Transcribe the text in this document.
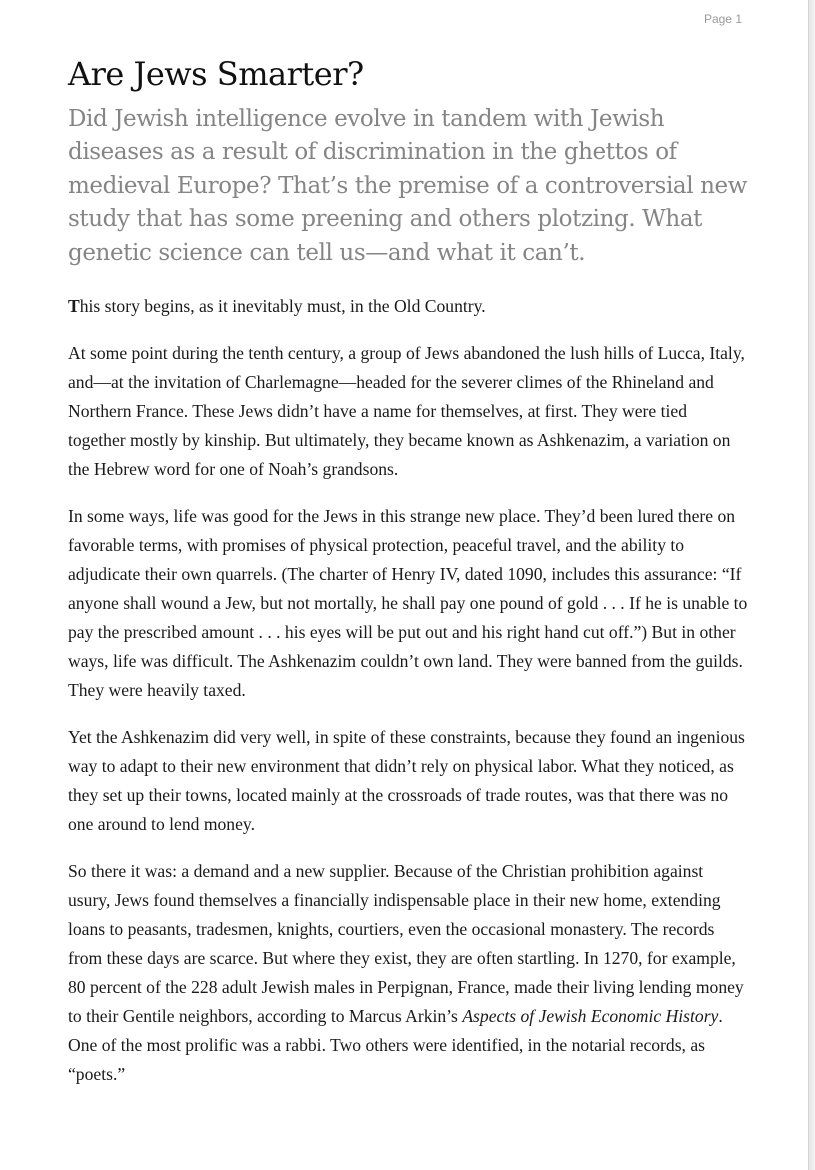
Page 1
Are Jews Smarter?

Did Jewish intelligence evolve in tandem with Jewish diseases as a result of discrimination in the ghettos of medieval Europe? That’s the premise of a controversial new study that has some preening and others plotzing. What genetic science can tell us—and what it can’t.

This story begins, as it inevitably must, in the Old Country.

At some point during the tenth century, a group of Jews abandoned the lush hills of Lucca, Italy, and—at the invitation of Charlemagne—headed for the severer climes of the Rhineland and Northern France. These Jews didn’t have a name for themselves, at first. They were tied together mostly by kinship. But ultimately, they became known as Ashkenazim, a variation on the Hebrew word for one of Noah’s grandsons.

In some ways, life was good for the Jews in this strange new place. They’d been lured there on favorable terms, with promises of physical protection, peaceful travel, and the ability to adjudicate their own quarrels. (The charter of Henry IV, dated 1090, includes this assurance: “If anyone shall wound a Jew, but not mortally, he shall pay one pound of gold . . . If he is unable to pay the prescribed amount . . . his eyes will be put out and his right hand cut off.”) But in other ways, life was difficult. The Ashkenazim couldn’t own land. They were banned from the guilds. They were heavily taxed.

Yet the Ashkenazim did very well, in spite of these constraints, because they found an ingenious way to adapt to their new environment that didn’t rely on physical labor. What they noticed, as they set up their towns, located mainly at the crossroads of trade routes, was that there was no one around to lend money.

So there it was: a demand and a new supplier. Because of the Christian prohibition against usury, Jews found themselves a financially indispensable place in their new home, extending loans to peasants, tradesmen, knights, courtiers, even the occasional monastery. The records from these days are scarce. But where they exist, they are often startling. In 1270, for example, 80 percent of the 228 adult Jewish males in Perpignan, France, made their living lending money to their Gentile neighbors, according to Marcus Arkin’s Aspects of Jewish Economic History. One of the most prolific was a rabbi. Two others were identified, in the notarial records, as “poets.”
